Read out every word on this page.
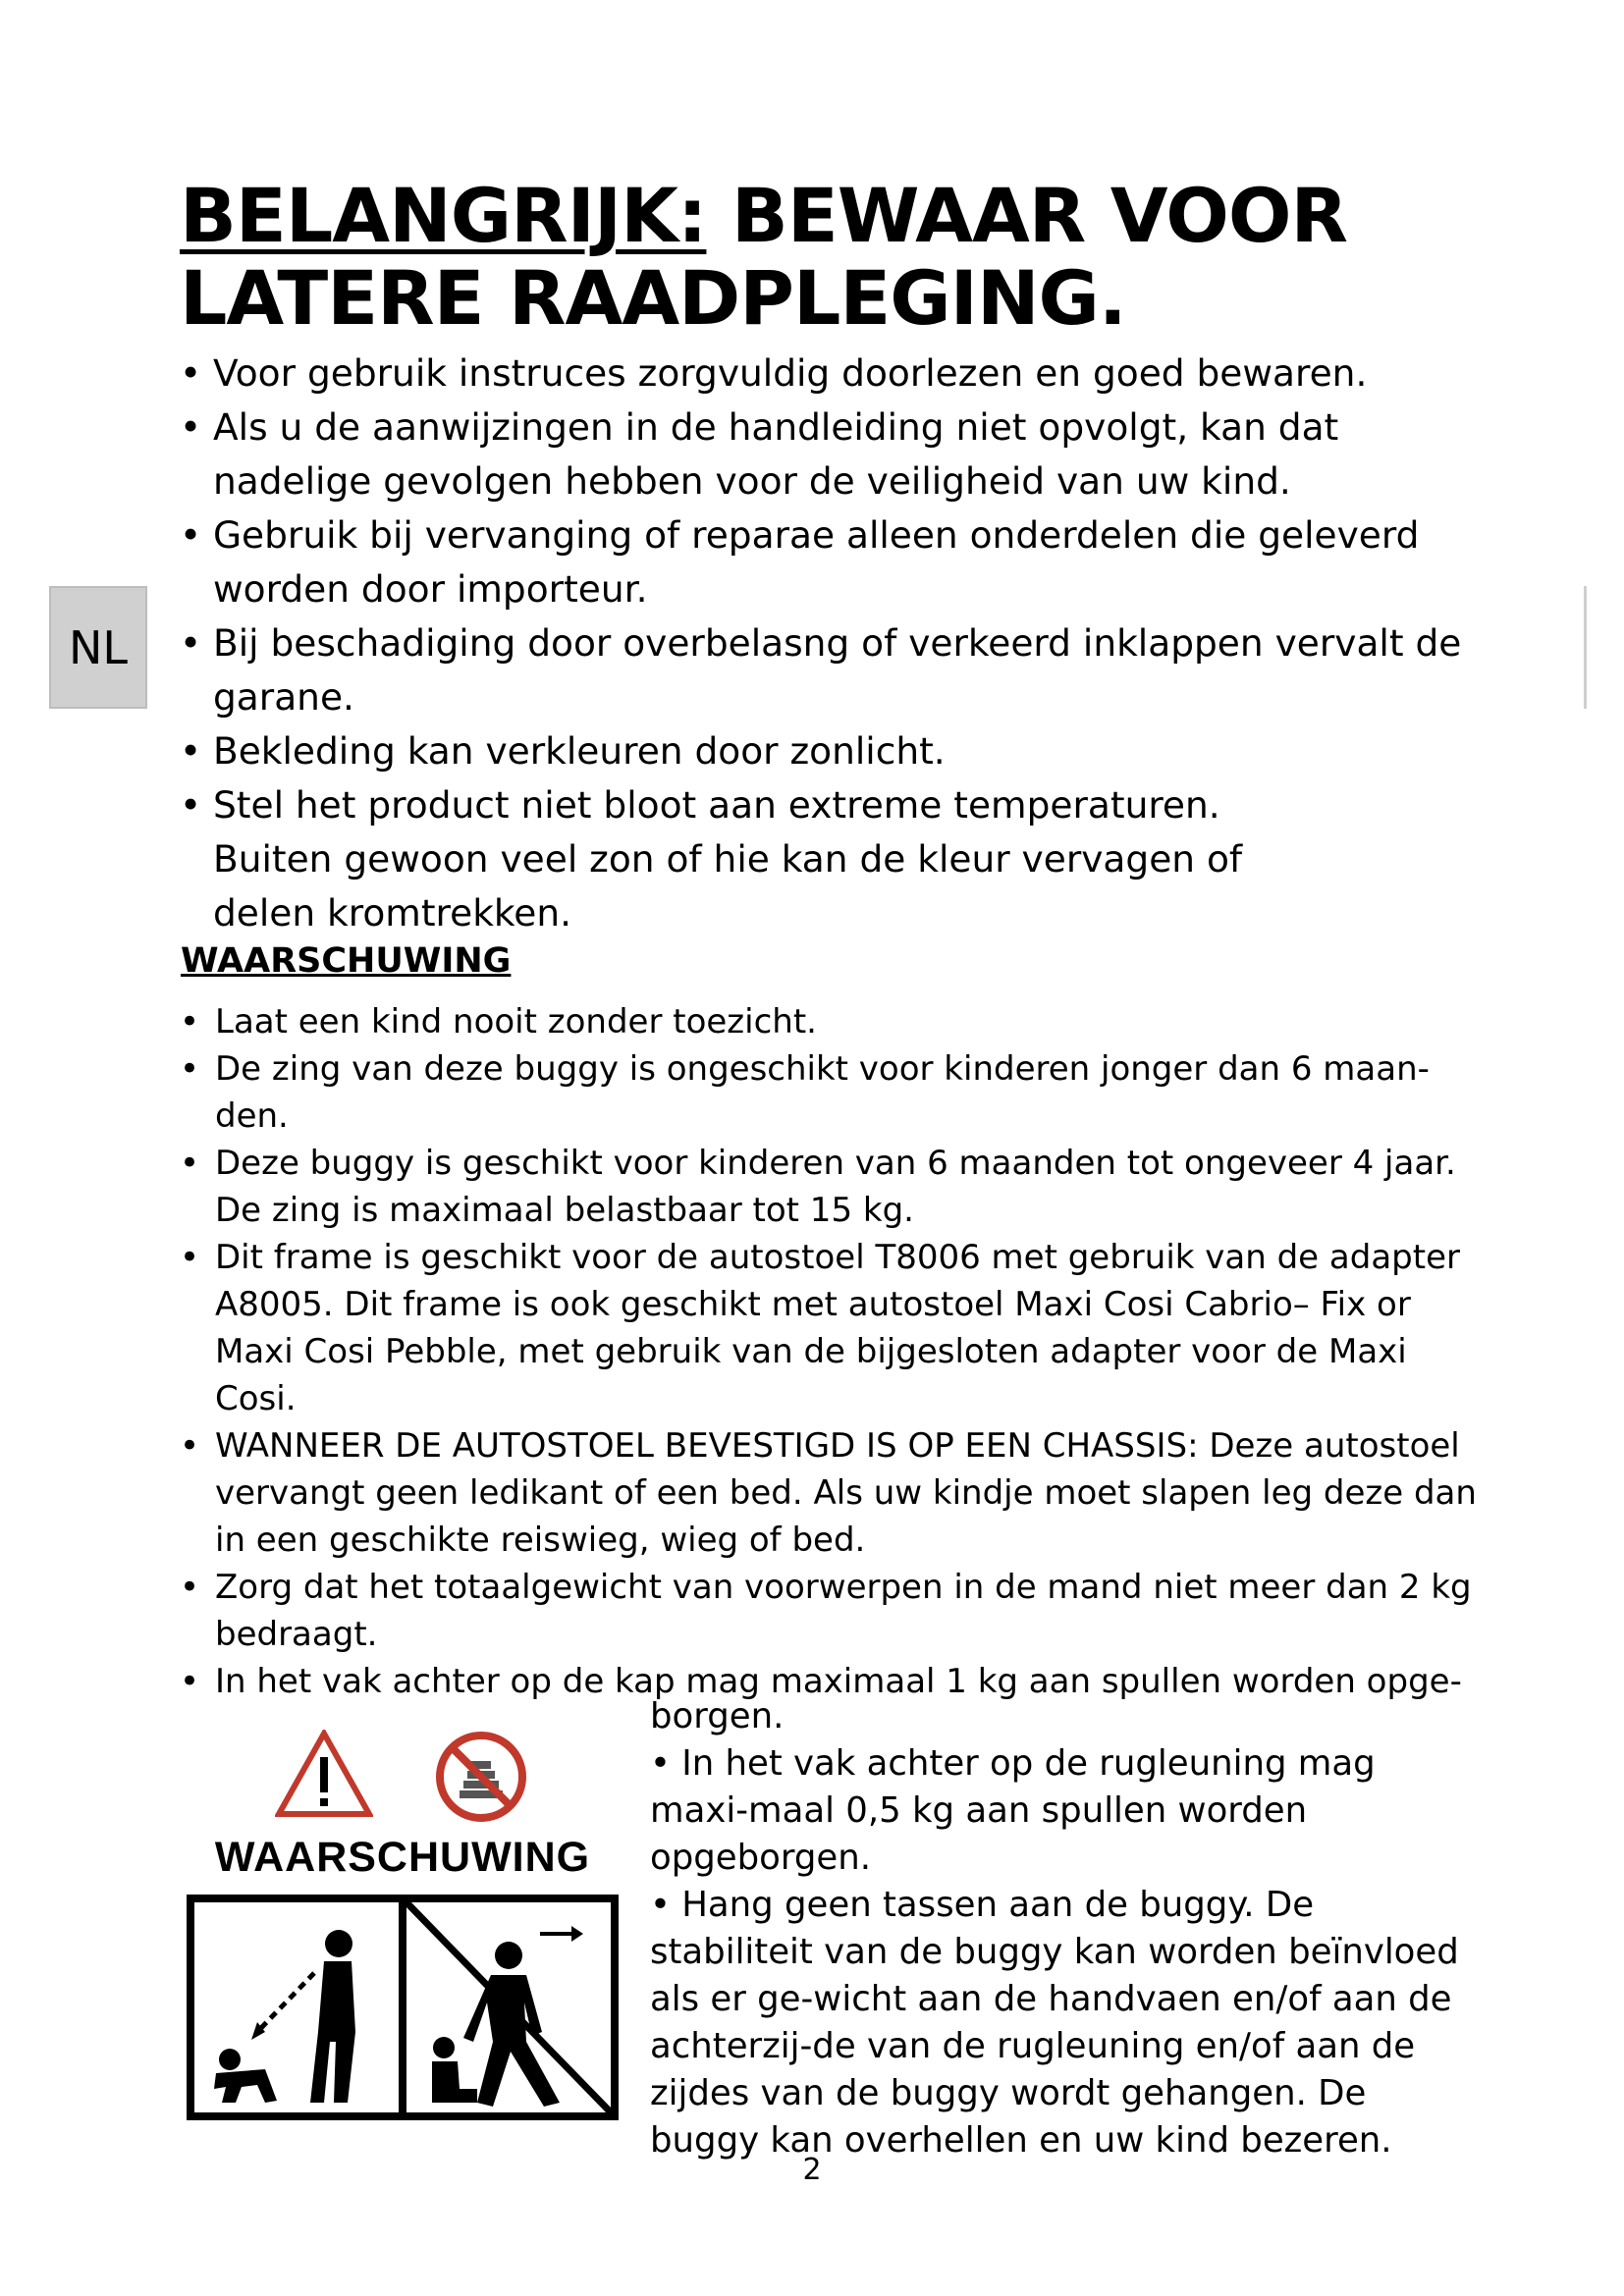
BELANGRIJK: BEWAAR VOOR
LATERE RAADPLEGING.
NL
• Voor gebruik instruces zorgvuldig doorlezen en goed bewaren.
• Als u de aanwijzingen in de handleiding niet opvolgt, kan dat nadelige gevolgen hebben voor de veiligheid van uw kind.
• Gebruik bij vervanging of reparae alleen onderdelen die geleverd worden door importeur.
• Bij beschadiging door overbelasng of verkeerd inklappen vervalt de garane.
• Bekleding kan verkleuren door zonlicht.
• Stel het product niet bloot aan extreme temperaturen. Buiten gewoon veel zon of hie kan de kleur vervagen of delen kromtrekken.
WAARSCHUWING
• Laat een kind nooit zonder toezicht.
• De zing van deze buggy is ongeschikt voor kinderen jonger dan 6 maan-den.
• Deze buggy is geschikt voor kinderen van 6 maanden tot ongeveer 4 jaar. De zing is maximaal belastbaar tot 15 kg.
• Dit frame is geschikt voor de autostoel T8006 met gebruik van de adapter A8005. Dit frame is ook geschikt met autostoel Maxi Cosi Cabrio– Fix or Maxi Cosi Pebble, met gebruik van de bijgesloten adapter voor de Maxi Cosi.
• WANNEER DE AUTOSTOEL BEVESTIGD IS OP EEN CHASSIS: Deze autostoel vervangt geen ledikant of een bed. Als uw kindje moet slapen leg deze dan in een geschikte reiswieg, wieg of bed.
• Zorg dat het totaalgewicht van voorwerpen in de mand niet meer dan 2 kg bedraagt.
• In het vak achter op de kap mag maximaal 1 kg aan spullen worden opge-

borgen.

• In het vak achter op de rugleuning mag maxi-maal 0,5 kg aan spullen worden opgeborgen.

• Hang geen tassen aan de buggy. De stabiliteit van de buggy kan worden beïnvloed als er ge-wicht aan de handvaen en/of aan de achterzij-de van de rugleuning en/of aan de zijdes van de buggy wordt gehangen. De buggy kan overhellen en uw kind bezeren.

WAARSCHUWING
2
